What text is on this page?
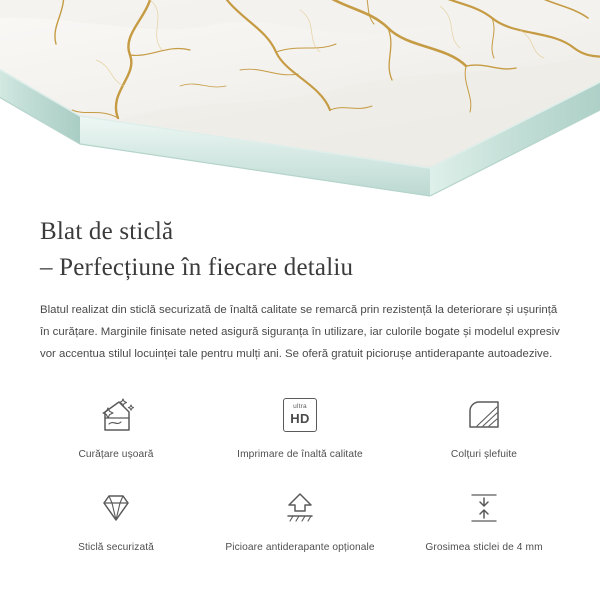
Blat de sticlă
– Perfecțiune în fiecare detaliu

Blatul realizat din sticlă securizată de înaltă calitate se remarcă prin rezistență la deteriorare și ușurință în curățare. Marginile finisate neted asigură siguranța în utilizare, iar culorile bogate și modelul expresiv vor accentua stilul locuinței tale pentru mulți ani. Se oferă gratuit piciorușe antiderapante autoadezive.

Curățare ușoară
ultra
HD
Imprimare de înaltă calitate	Colțuri șlefuite
Sticlă securizată	Picioare antiderapante opționale	Grosimea sticlei de 4 mm
